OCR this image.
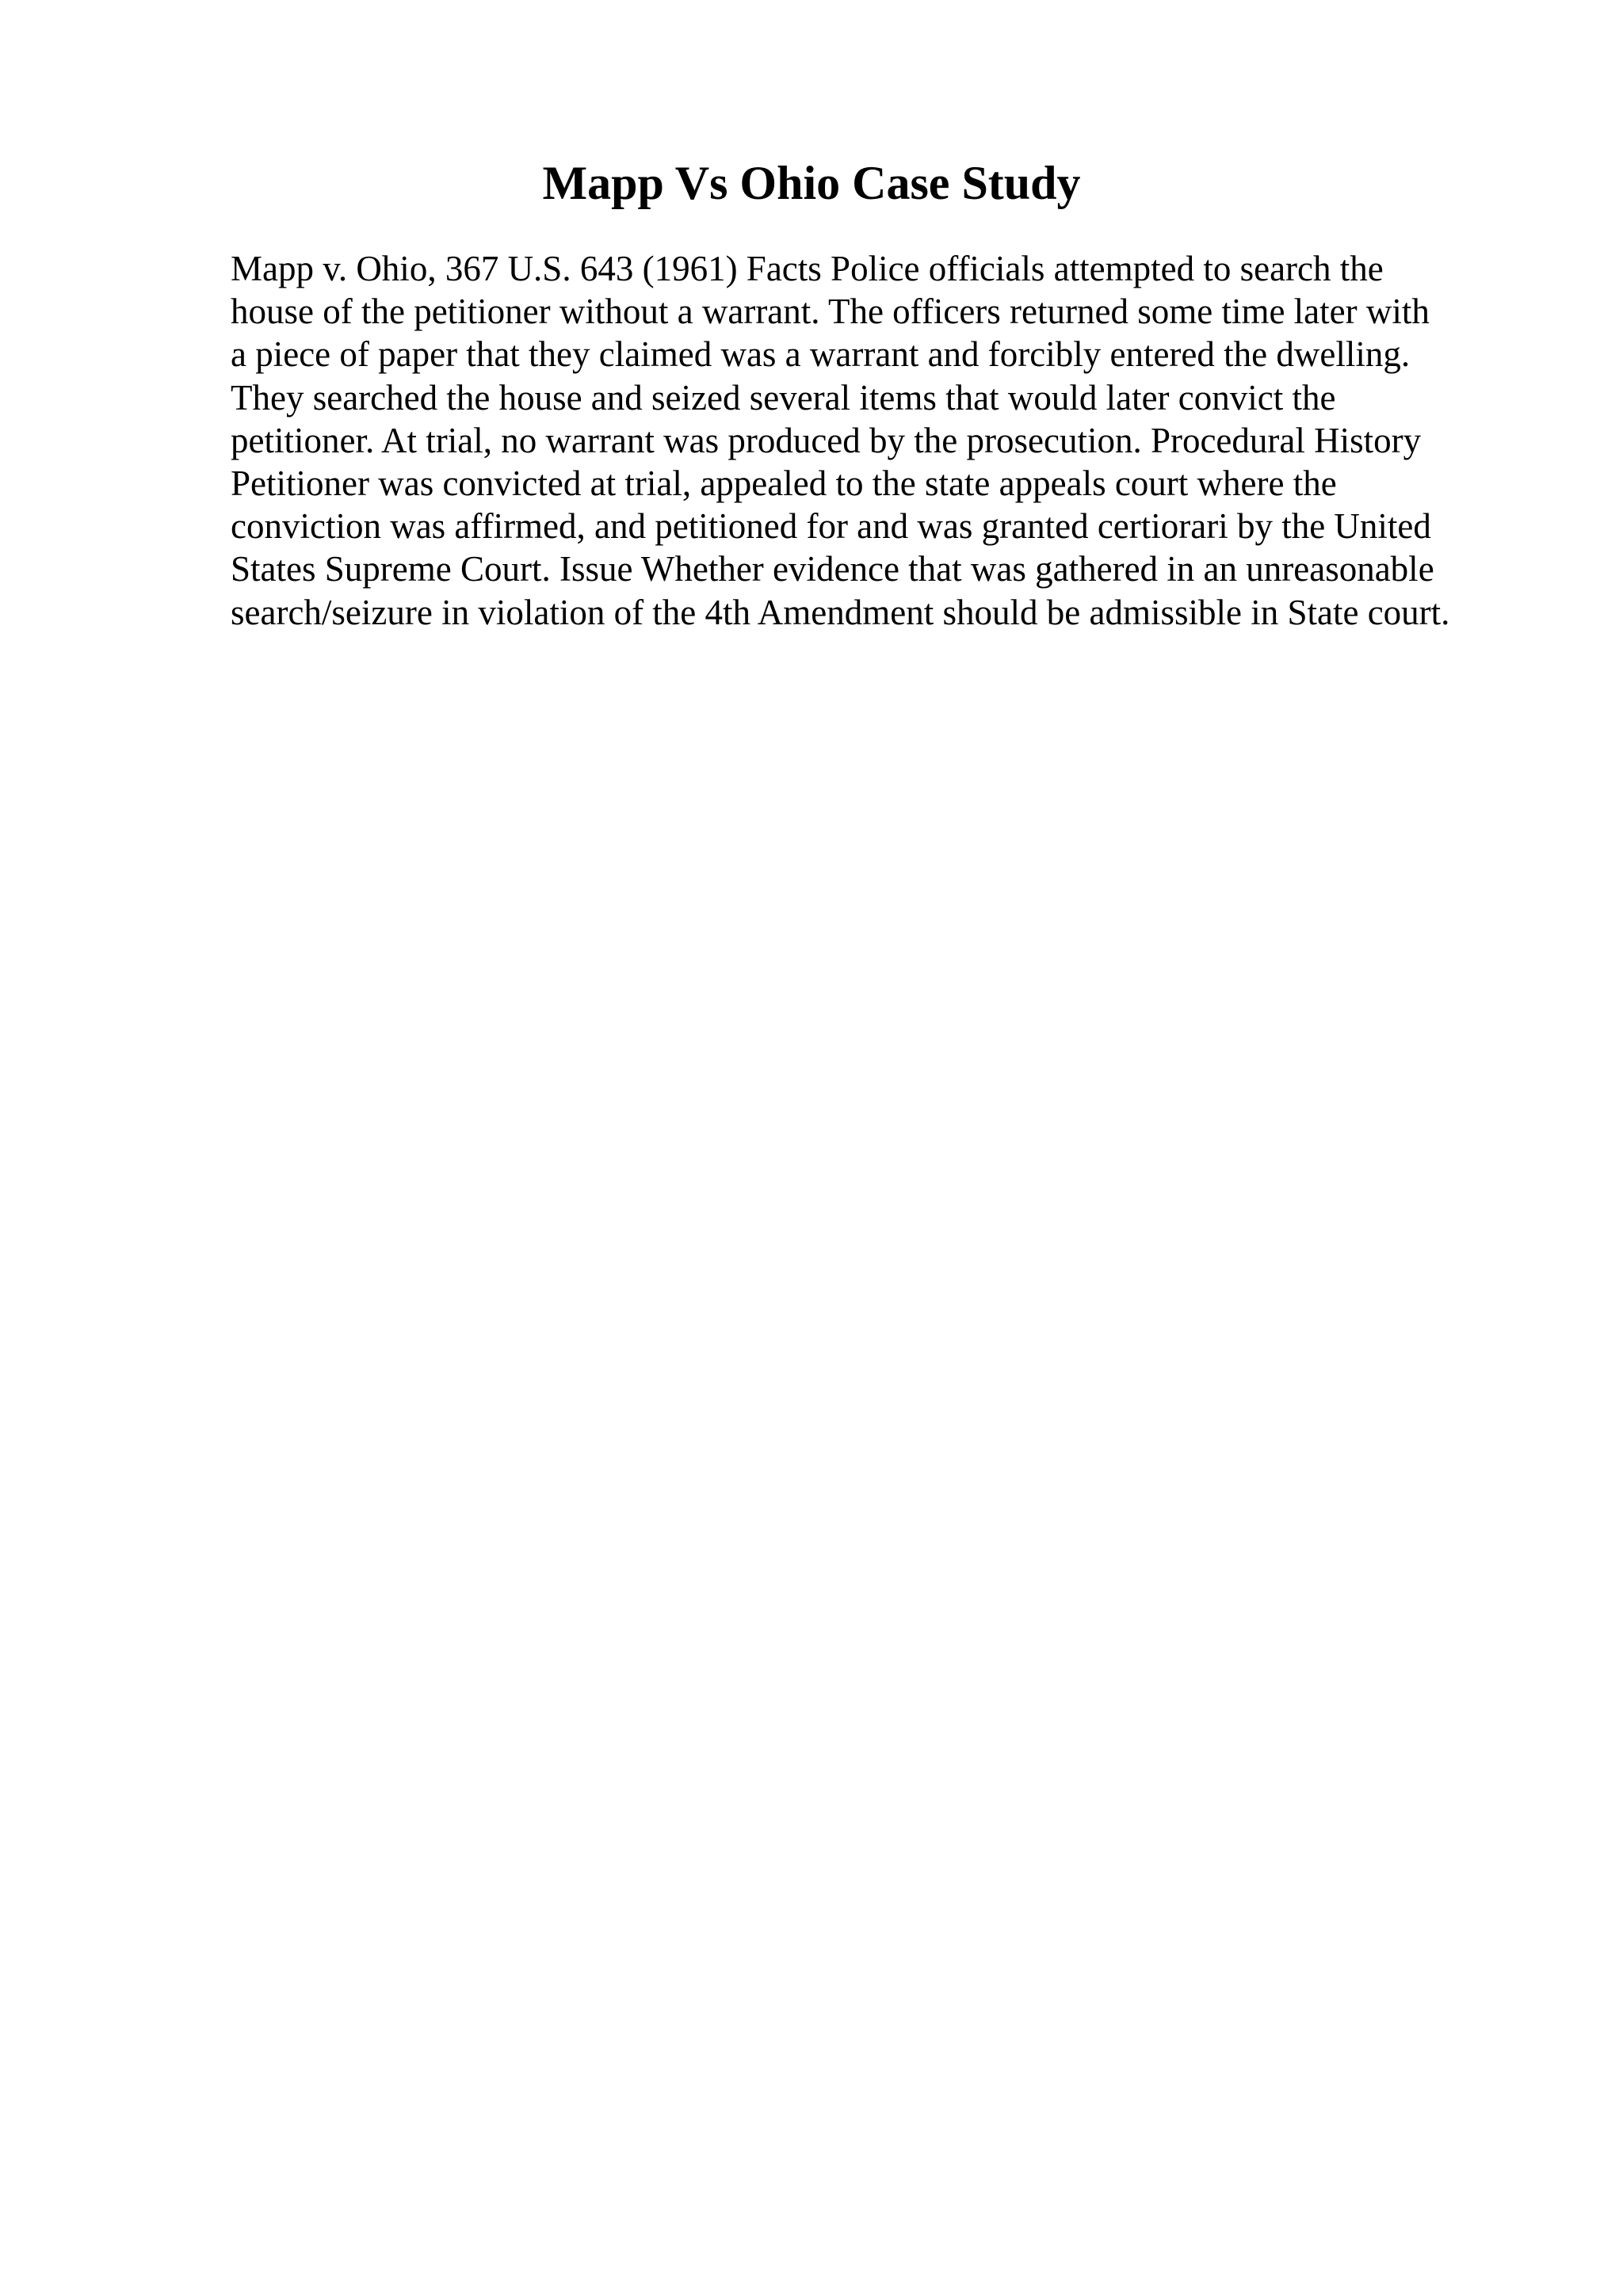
Mapp Vs Ohio Case Study
Mapp v. Ohio, 367 U.S. 643 (1961) Facts Police officials attempted to search the
house of the petitioner without a warrant. The officers returned some time later with
a piece of paper that they claimed was a warrant and forcibly entered the dwelling.
They searched the house and seized several items that would later convict the
petitioner. At trial, no warrant was produced by the prosecution. Procedural History
Petitioner was convicted at trial, appealed to the state appeals court where the
conviction was affirmed, and petitioned for and was granted certiorari by the United
States Supreme Court. Issue Whether evidence that was gathered in an unreasonable
search/seizure in violation of the 4th Amendment should be admissible in State court.
